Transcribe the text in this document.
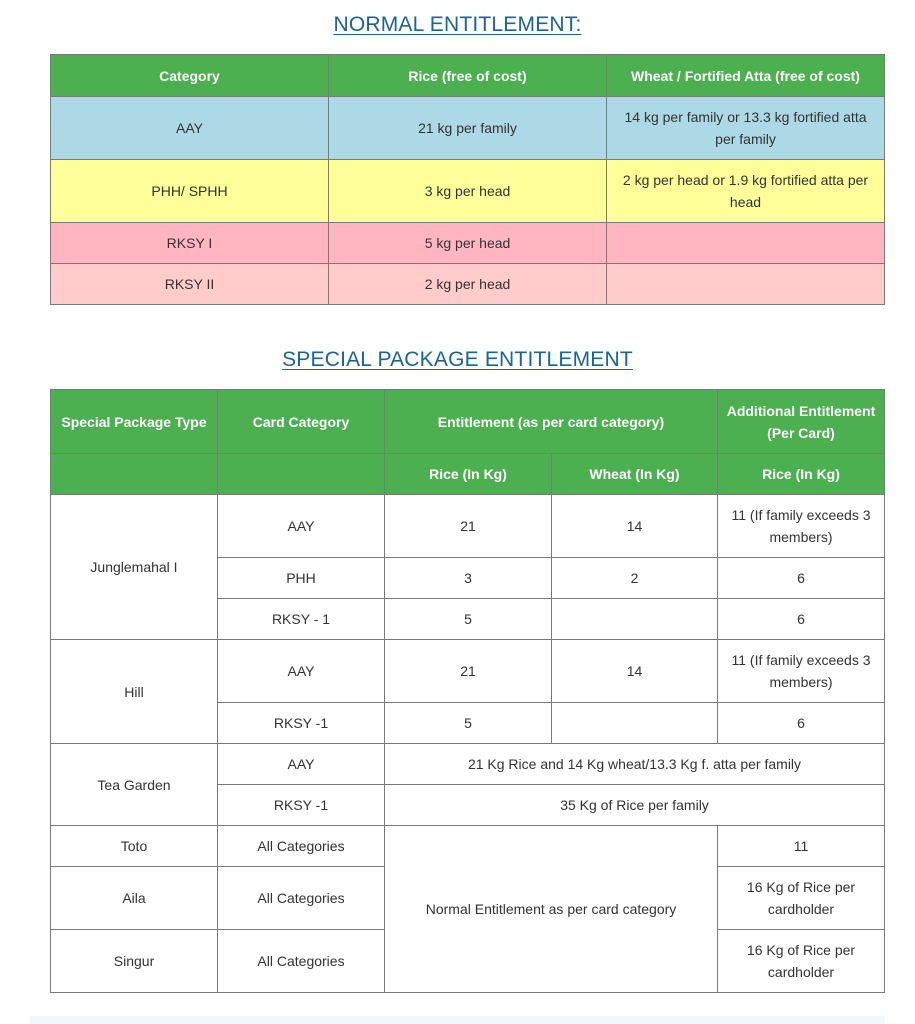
NORMAL ENTITLEMENT:
Category	Rice (free of cost)	Wheat / Fortified Atta (free of cost)
AAY	21 kg per family	14 kg per family or 13.3 kg fortified atta per family
PHH/ SPHH	3 kg per head	2 kg per head or 1.9 kg fortified atta per head
RKSY I	5 kg per head	
RKSY II	2 kg per head	
SPECIAL PACKAGE ENTITLEMENT
Special Package Type	Card Category	Entitlement (as per card category)		Additional Entitlement (Per Card)
		Rice (In Kg)	Wheat (In Kg)	Rice (In Kg)
Junglemahal I	AAY	21	14	11 (If family exceeds 3 members)
	PHH	3	2	6
	RKSY - 1	5		6
Hill	AAY	21	14	11 (If family exceeds 3 members)
	RKSY -1	5		6
Tea Garden	AAY	21 Kg Rice and 14 Kg wheat/13.3 Kg f. atta per family		
	RKSY -1	35 Kg of Rice per family		
Toto	All Categories	Normal Entitlement as per card category		11
Aila	All Categories			16 Kg of Rice per cardholder
Singur	All Categories			16 Kg of Rice per cardholder
